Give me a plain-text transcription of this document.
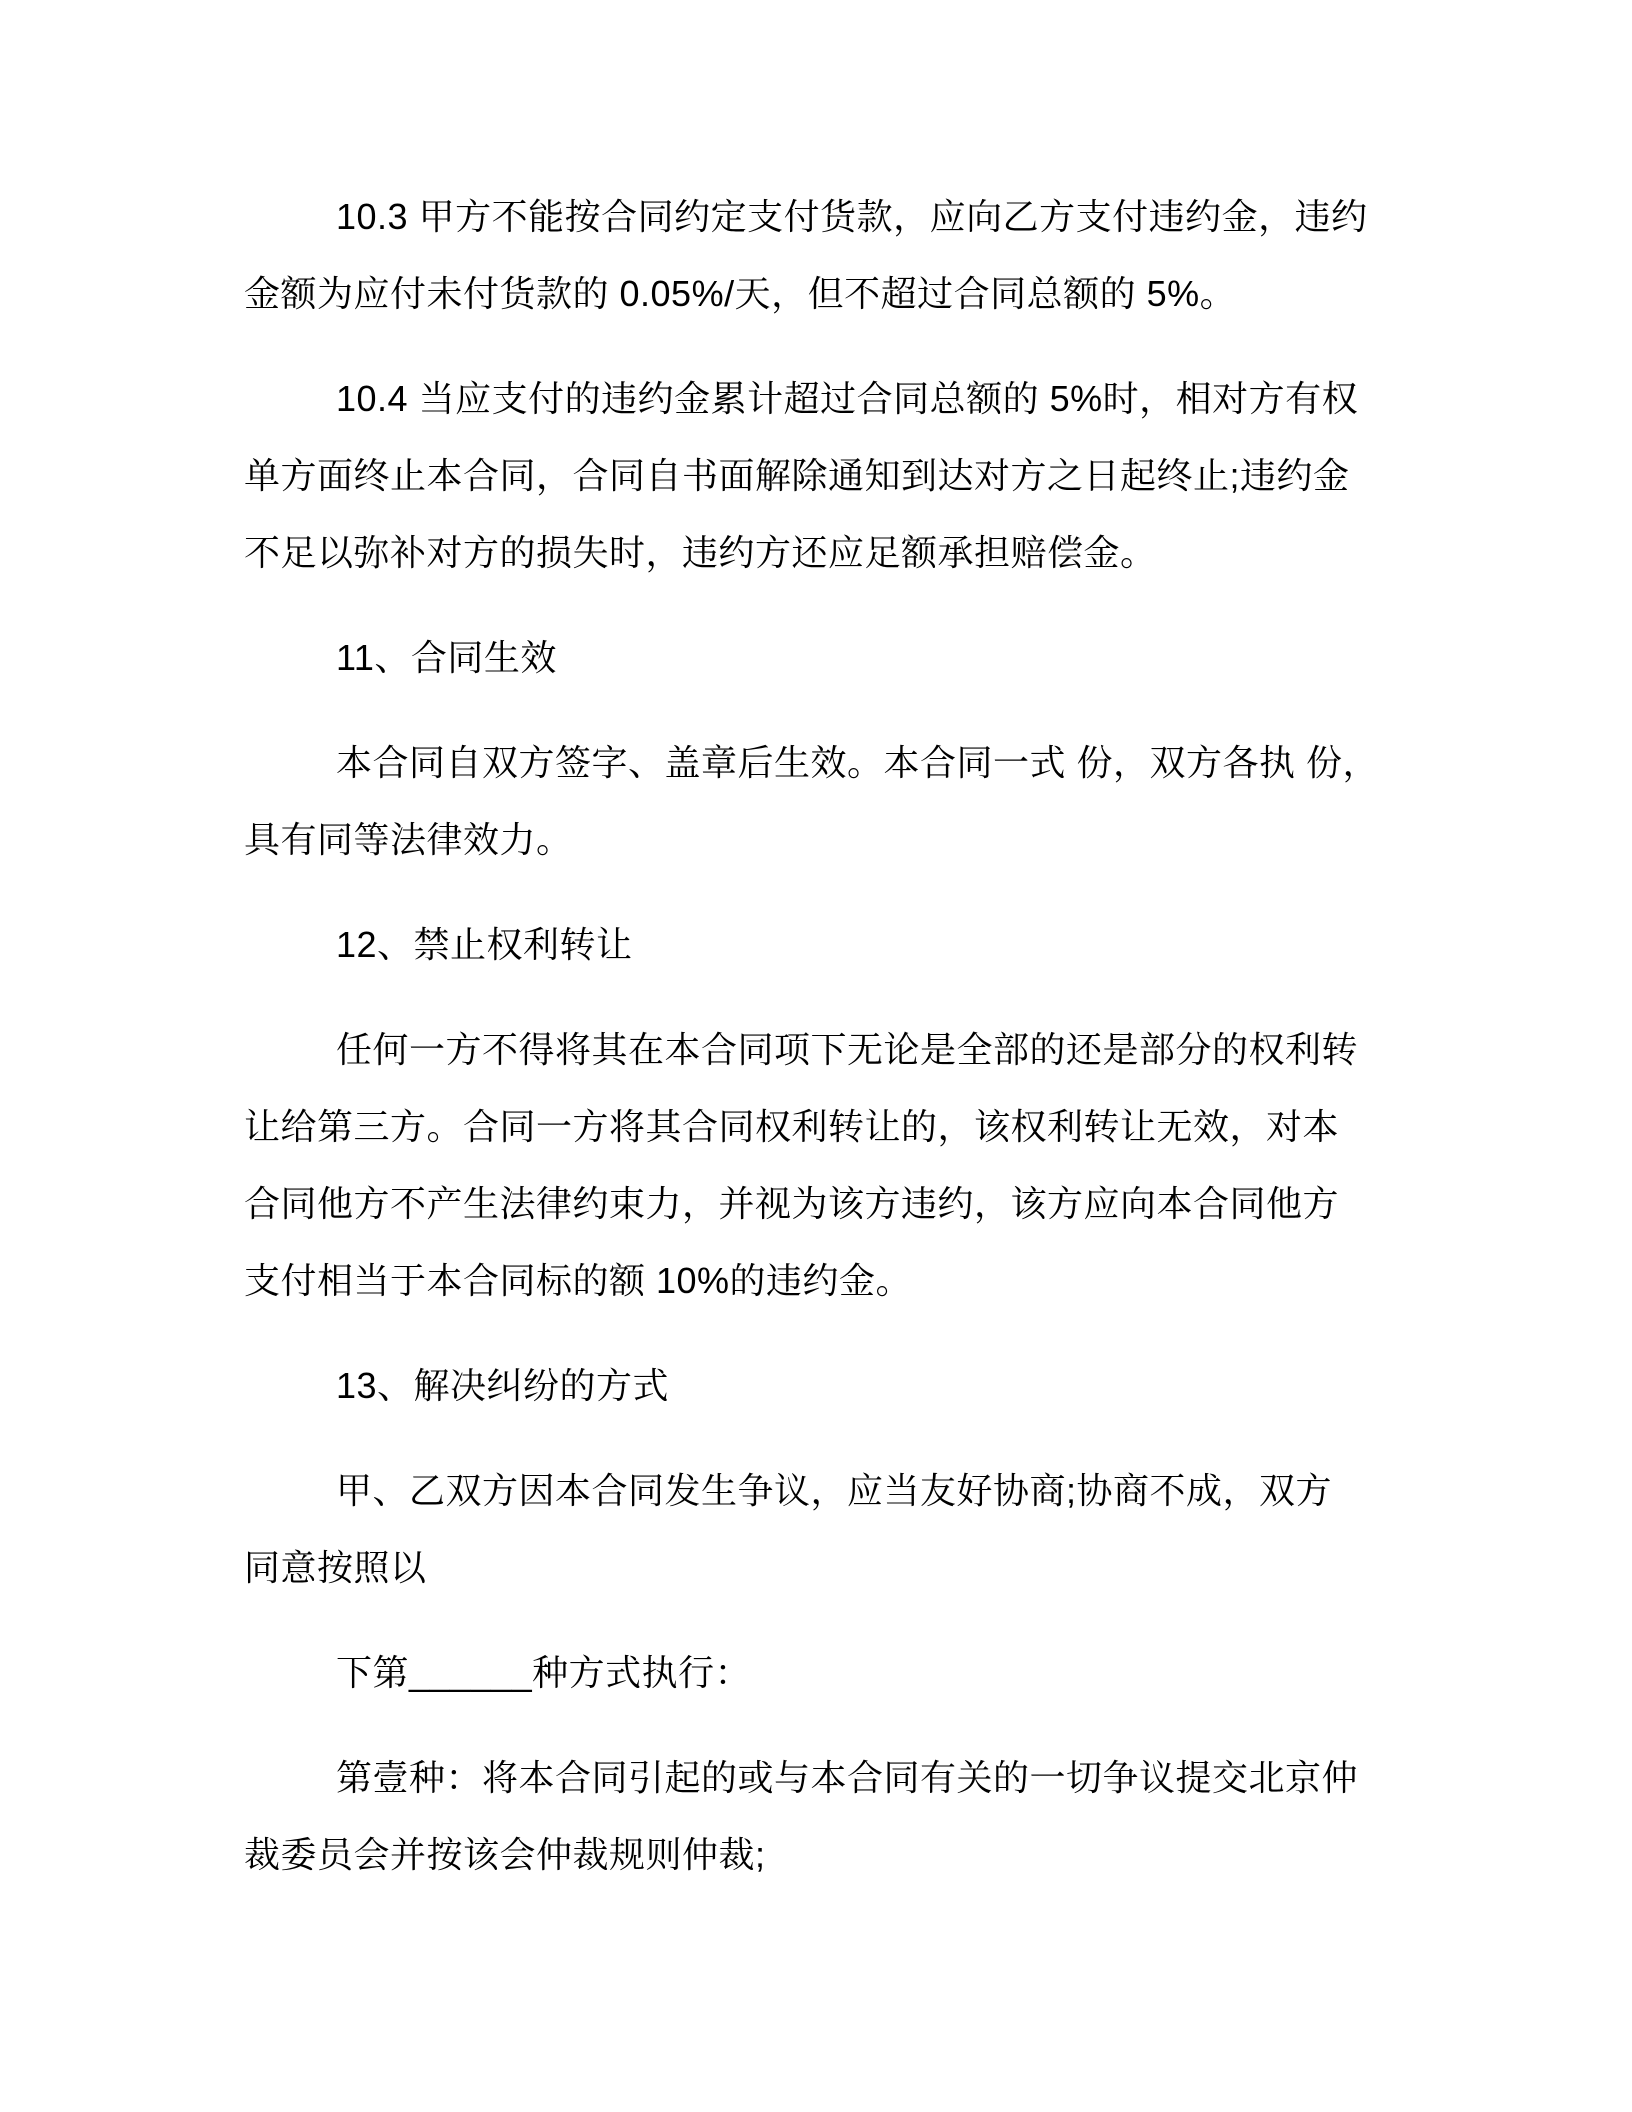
10.3 甲方不能按合同约定支付货款，应向乙方支付违约金，违约
金额为应付未付货款的 0.05%/天，但不超过合同总额的 5%。

10.4 当应支付的违约金累计超过合同总额的 5%时，相对方有权
单方面终止本合同，合同自书面解除通知到达对方之日起终止;违约金
不足以弥补对方的损失时，违约方还应足额承担赔偿金。

11、合同生效

本合同自双方签字、盖章后生效。本合同一式 份，双方各执 份，
具有同等法律效力。

12、禁止权利转让

任何一方不得将其在本合同项下无论是全部的还是部分的权利转
让给第三方。合同一方将其合同权利转让的，该权利转让无效，对本
合同他方不产生法律约束力，并视为该方违约，该方应向本合同他方
支付相当于本合同标的额 10%的违约金。

13、解决纠纷的方式

甲、乙双方因本合同发生争议，应当友好协商;协商不成，双方
同意按照以

下第______种方式执行：

第壹种：将本合同引起的或与本合同有关的一切争议提交北京仲
裁委员会并按该会仲裁规则仲裁;
